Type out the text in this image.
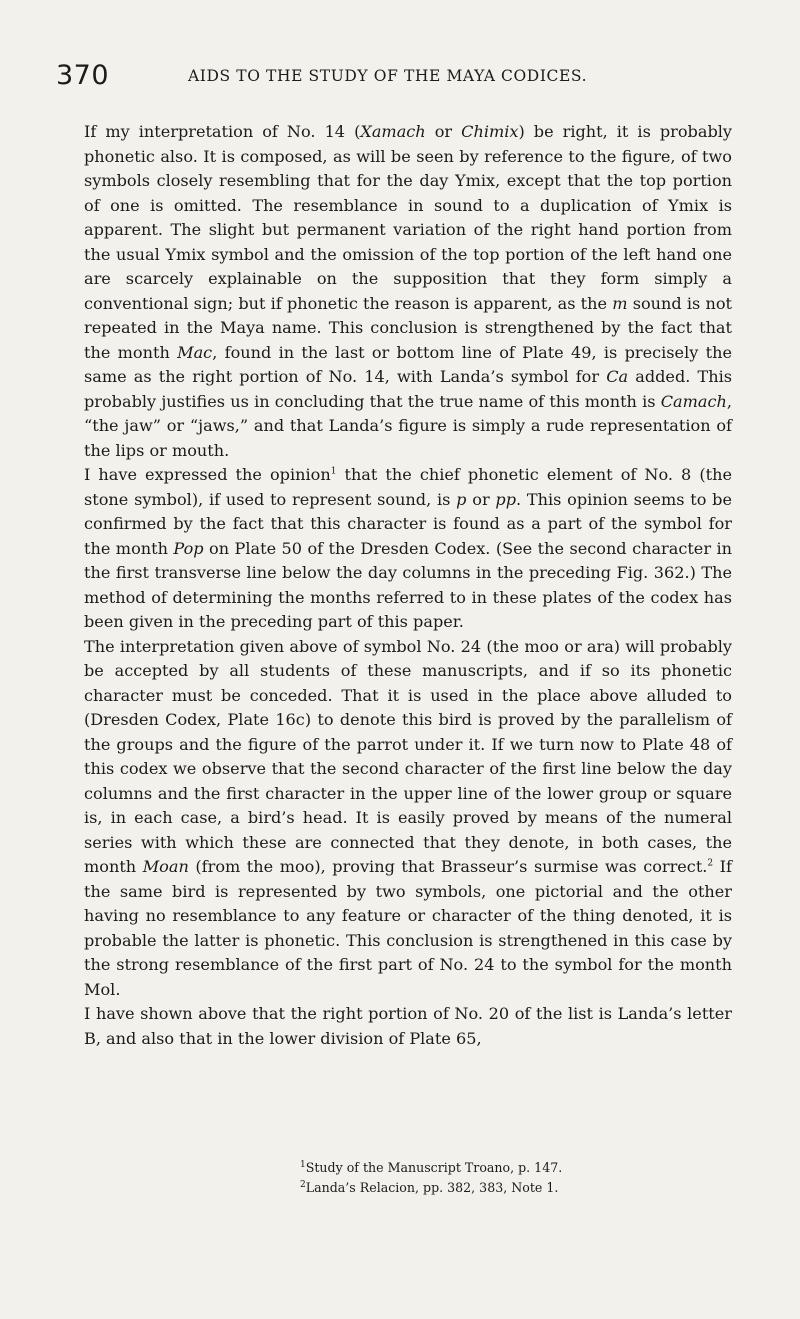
370	AIDS TO THE STUDY OF THE MAYA CODICES.

If my interpretation of No. 14 (Xamach or Chimix) be right, it is probably phonetic also. It is composed, as will be seen by reference to the figure, of two symbols closely resembling that for the day Ymix, except that the top portion of one is omitted. The resemblance in sound to a duplication of Ymix is apparent. The slight but permanent variation of the right hand portion from the usual Ymix symbol and the omission of the top portion of the left hand one are scarcely explainable on the supposition that they form simply a conventional sign; but if phonetic the reason is apparent, as the m sound is not repeated in the Maya name. This conclusion is strengthened by the fact that the month Mac, found in the last or bottom line of Plate 49, is precisely the same as the right portion of No. 14, with Landa’s symbol for Ca added. This probably justifies us in concluding that the true name of this month is Camach, “the jaw” or “jaws,” and that Landa’s figure is simply a rude representation of the lips or mouth.

I have expressed the opinion$^1$ that the chief phonetic element of No. 8 (the stone symbol), if used to represent sound, is p or pp. This opinion seems to be confirmed by the fact that this character is found as a part of the symbol for the month Pop on Plate 50 of the Dresden Codex. (See the second character in the first transverse line below the day columns in the preceding Fig. 362.) The method of determining the months referred to in these plates of the codex has been given in the preceding part of this paper.

The interpretation given above of symbol No. 24 (the moo or ara) will probably be accepted by all students of these manuscripts, and if so its phonetic character must be conceded. That it is used in the place above alluded to (Dresden Codex, Plate 16c) to denote this bird is proved by the parallelism of the groups and the figure of the parrot under it. If we turn now to Plate 48 of this codex we observe that the second character of the first line below the day columns and the first character in the upper line of the lower group or square is, in each case, a bird’s head. It is easily proved by means of the numeral series with which these are connected that they denote, in both cases, the month Moan (from the moo), proving that Brasseur’s surmise was correct.$^2$ If the same bird is represented by two symbols, one pictorial and the other having no resemblance to any feature or character of the thing denoted, it is probable the latter is phonetic. This conclusion is strengthened in this case by the strong resemblance of the first part of No. 24 to the symbol for the month Mol.

I have shown above that the right portion of No. 20 of the list is Landa’s letter B, and also that in the lower division of Plate 65,

$^1$Study of the Manuscript Troano, p. 147.
$^2$Landa’s Relacion, pp. 382, 383, Note 1.
